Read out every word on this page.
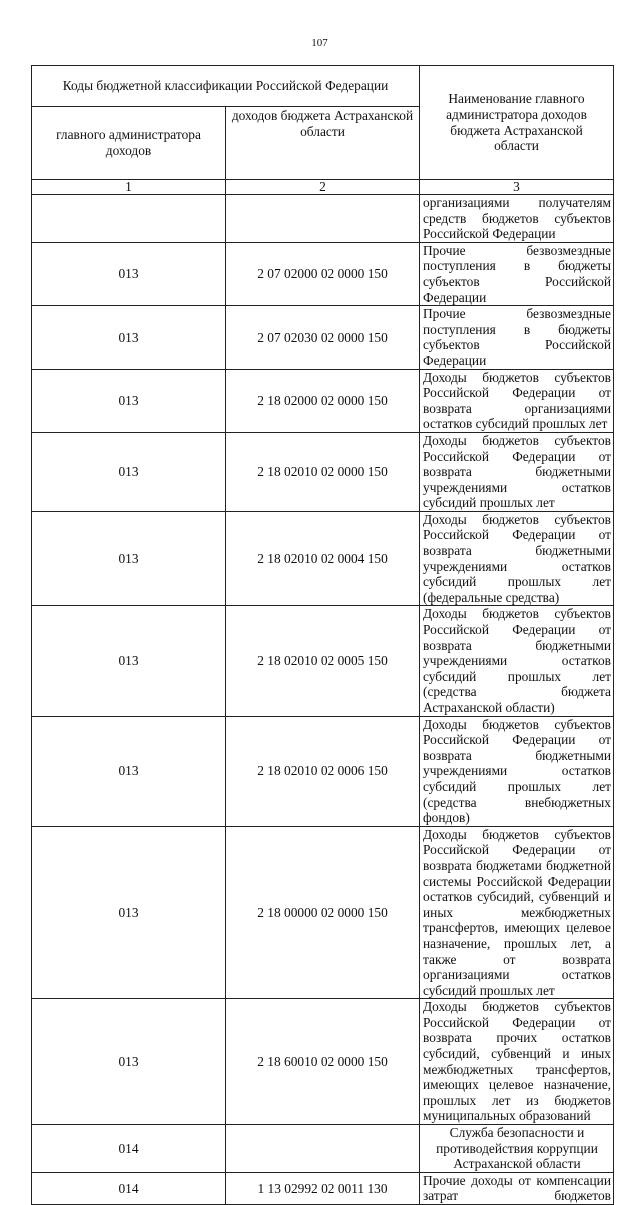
107
Коды бюджетной классификации Российской Федерации		Наименование главного администратора доходов бюджета Астраханской области
главного администратора доходов	доходов бюджета Астраханской области	
1	2	3
		организациями получателям средств бюджетов субъектов Российской Федерации
013	2 07 02000 02 0000 150	Прочие безвозмездные поступления в бюджеты субъектов Российской Федерации
013	2 07 02030 02 0000 150	Прочие безвозмездные поступления в бюджеты субъектов Российской Федерации
013	2 18 02000 02 0000 150	Доходы бюджетов субъектов Российской Федерации от возврата организациями остатков субсидий прошлых лет
013	2 18 02010 02 0000 150	Доходы бюджетов субъектов Российской Федерации от возврата бюджетными учреждениями остатков субсидий прошлых лет
013	2 18 02010 02 0004 150	Доходы бюджетов субъектов Российской Федерации от возврата бюджетными учреждениями остатков субсидий прошлых лет (федеральные средства)
013	2 18 02010 02 0005 150	Доходы бюджетов субъектов Российской Федерации от возврата бюджетными учреждениями остатков субсидий прошлых лет (средства бюджета Астраханской области)
013	2 18 02010 02 0006 150	Доходы бюджетов субъектов Российской Федерации от возврата бюджетными учреждениями остатков субсидий прошлых лет (средства внебюджетных фондов)
013	2 18 00000 02 0000 150	Доходы бюджетов субъектов Российской Федерации от возврата бюджетами бюджетной системы Российской Федерации остатков субсидий, субвенций и иных межбюджетных трансфертов, имеющих целевое назначение, прошлых лет, а также от возврата организациями остатков субсидий прошлых лет
013	2 18 60010 02 0000 150	Доходы бюджетов субъектов Российской Федерации от возврата прочих остатков субсидий, субвенций и иных межбюджетных трансфертов, имеющих целевое назначение, прошлых лет из бюджетов муниципальных образований
014		Служба безопасности и противодействия коррупции Астраханской области
014	1 13 02992 02 0011 130	Прочие доходы от компенсации затрат бюджетов
